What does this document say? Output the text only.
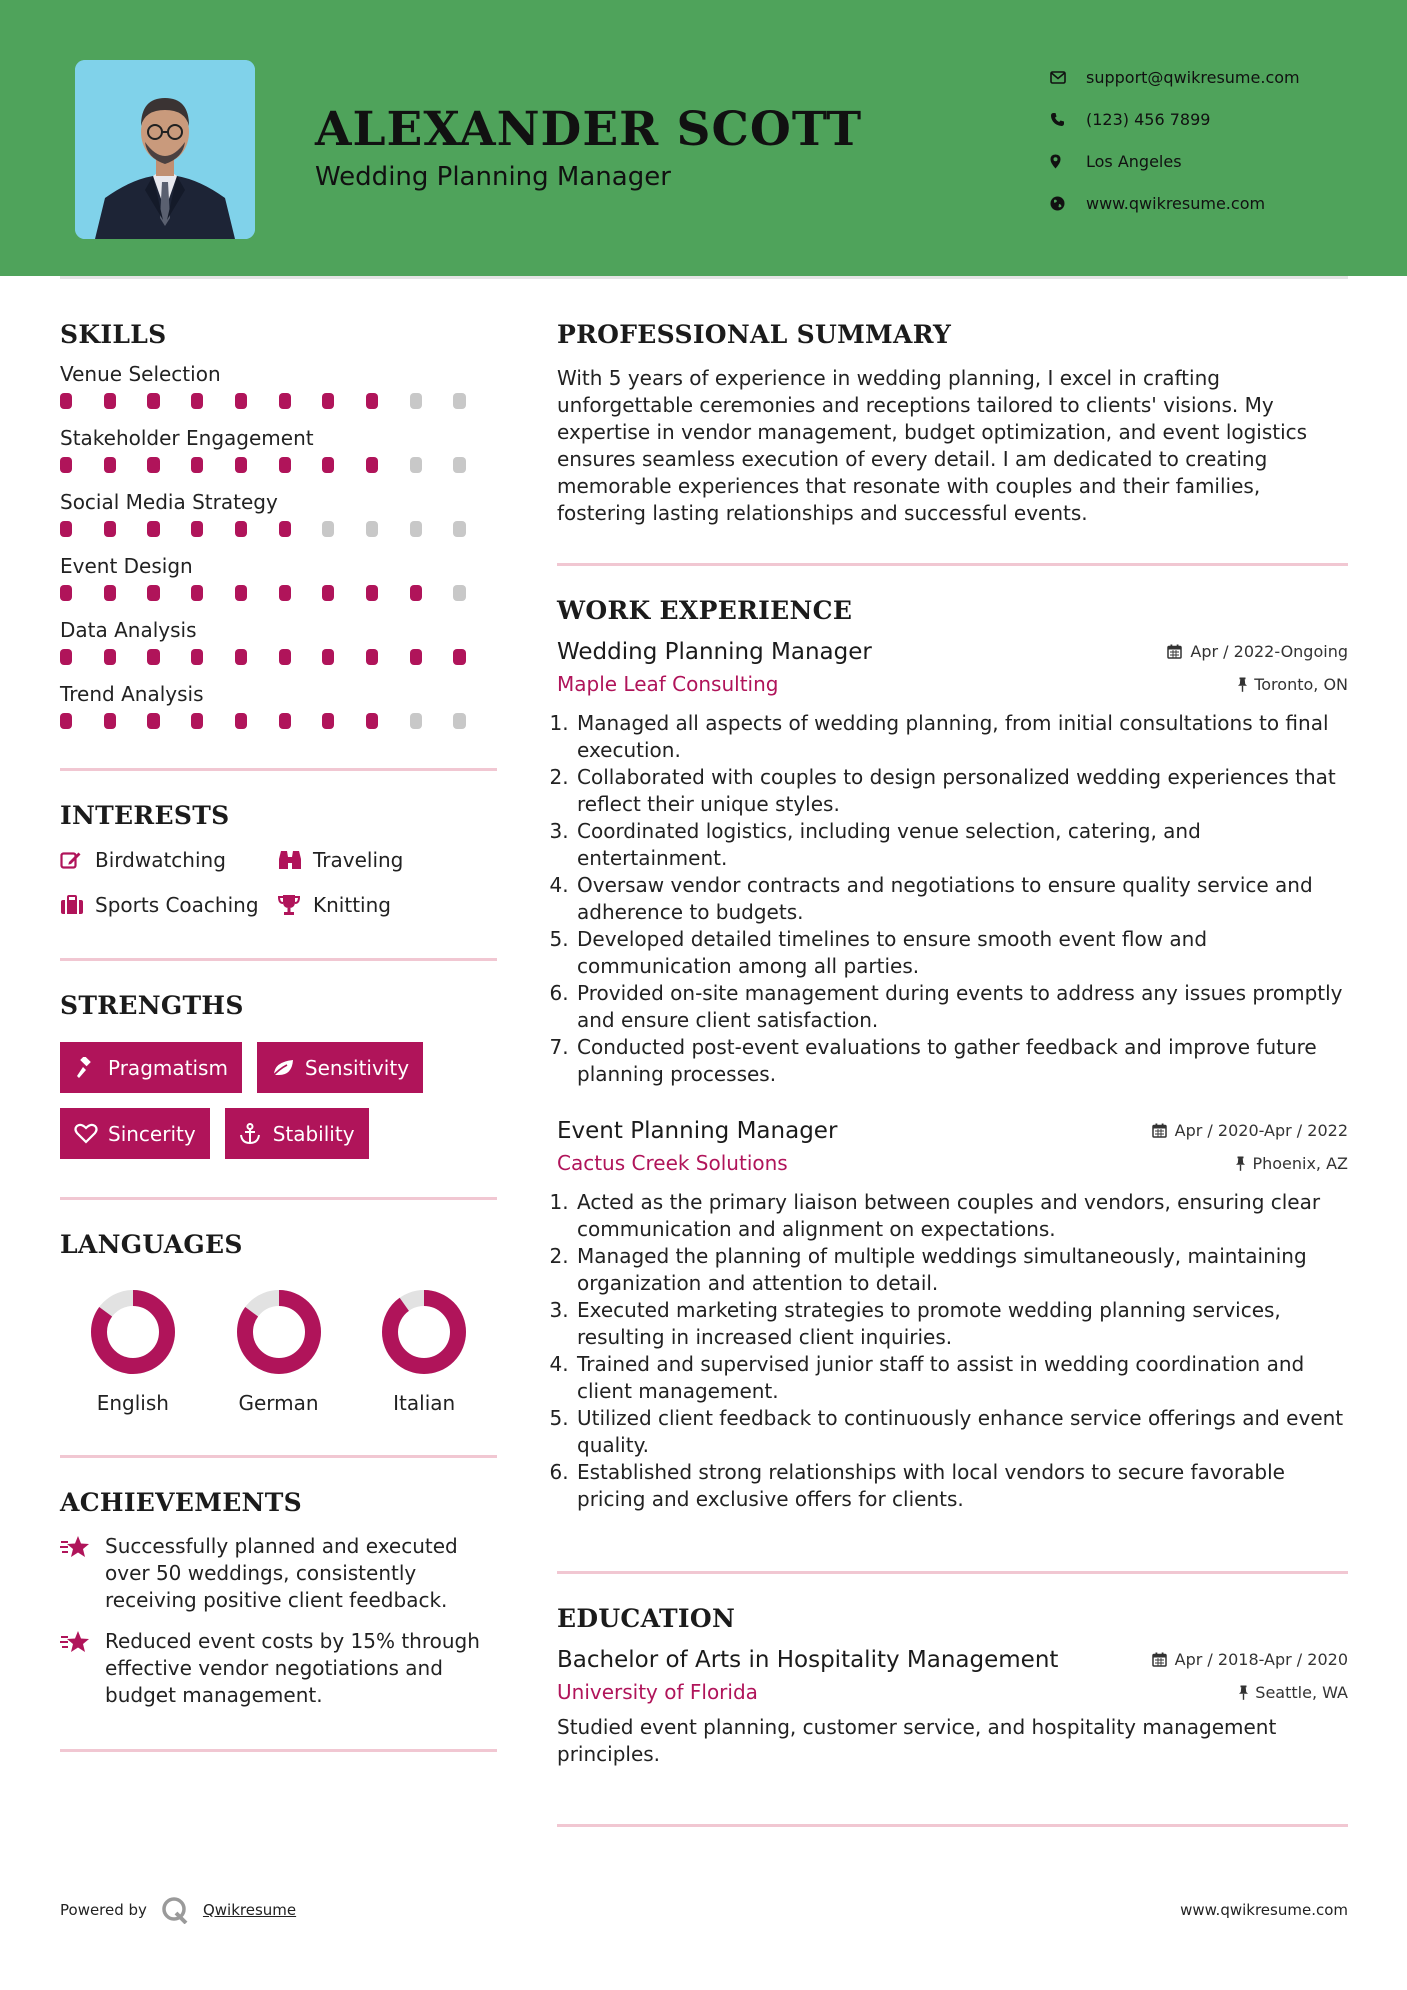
ALEXANDER SCOTT
Wedding Planning Manager
support@qwikresume.com
(123) 456 7899
Los Angeles
www.qwikresume.com
SKILLS
Venue Selection
Stakeholder Engagement
Social Media Strategy
Event Design
Data Analysis
Trend Analysis
INTERESTS
Birdwatching	Traveling
Sports Coaching	Knitting
STRENGTHS
Pragmatism	Sensitivity
Sincerity	Stability
LANGUAGES
English	German	Italian
ACHIEVEMENTS
Successfully planned and executed over 50 weddings, consistently receiving positive client feedback.
Reduced event costs by 15% through effective vendor negotiations and budget management.
PROFESSIONAL SUMMARY
With 5 years of experience in wedding planning, I excel in crafting unforgettable ceremonies and receptions tailored to clients' visions. My expertise in vendor management, budget optimization, and event logistics ensures seamless execution of every detail. I am dedicated to creating memorable experiences that resonate with couples and their families, fostering lasting relationships and successful events.
WORK EXPERIENCE
Wedding Planning Manager	Apr / 2022-Ongoing
Maple Leaf Consulting	Toronto, ON
1. Managed all aspects of wedding planning, from initial consultations to final execution.
2. Collaborated with couples to design personalized wedding experiences that reflect their unique styles.
3. Coordinated logistics, including venue selection, catering, and entertainment.
4. Oversaw vendor contracts and negotiations to ensure quality service and adherence to budgets.
5. Developed detailed timelines to ensure smooth event flow and communication among all parties.
6. Provided on-site management during events to address any issues promptly and ensure client satisfaction.
7. Conducted post-event evaluations to gather feedback and improve future planning processes.
Event Planning Manager	Apr / 2020-Apr / 2022
Cactus Creek Solutions	Phoenix, AZ
1. Acted as the primary liaison between couples and vendors, ensuring clear communication and alignment on expectations.
2. Managed the planning of multiple weddings simultaneously, maintaining organization and attention to detail.
3. Executed marketing strategies to promote wedding planning services, resulting in increased client inquiries.
4. Trained and supervised junior staff to assist in wedding coordination and client management.
5. Utilized client feedback to continuously enhance service offerings and event quality.
6. Established strong relationships with local vendors to secure favorable pricing and exclusive offers for clients.
EDUCATION
Bachelor of Arts in Hospitality Management	Apr / 2018-Apr / 2020
University of Florida	Seattle, WA
Studied event planning, customer service, and hospitality management principles.
Powered by	Qwikresume	www.qwikresume.com
